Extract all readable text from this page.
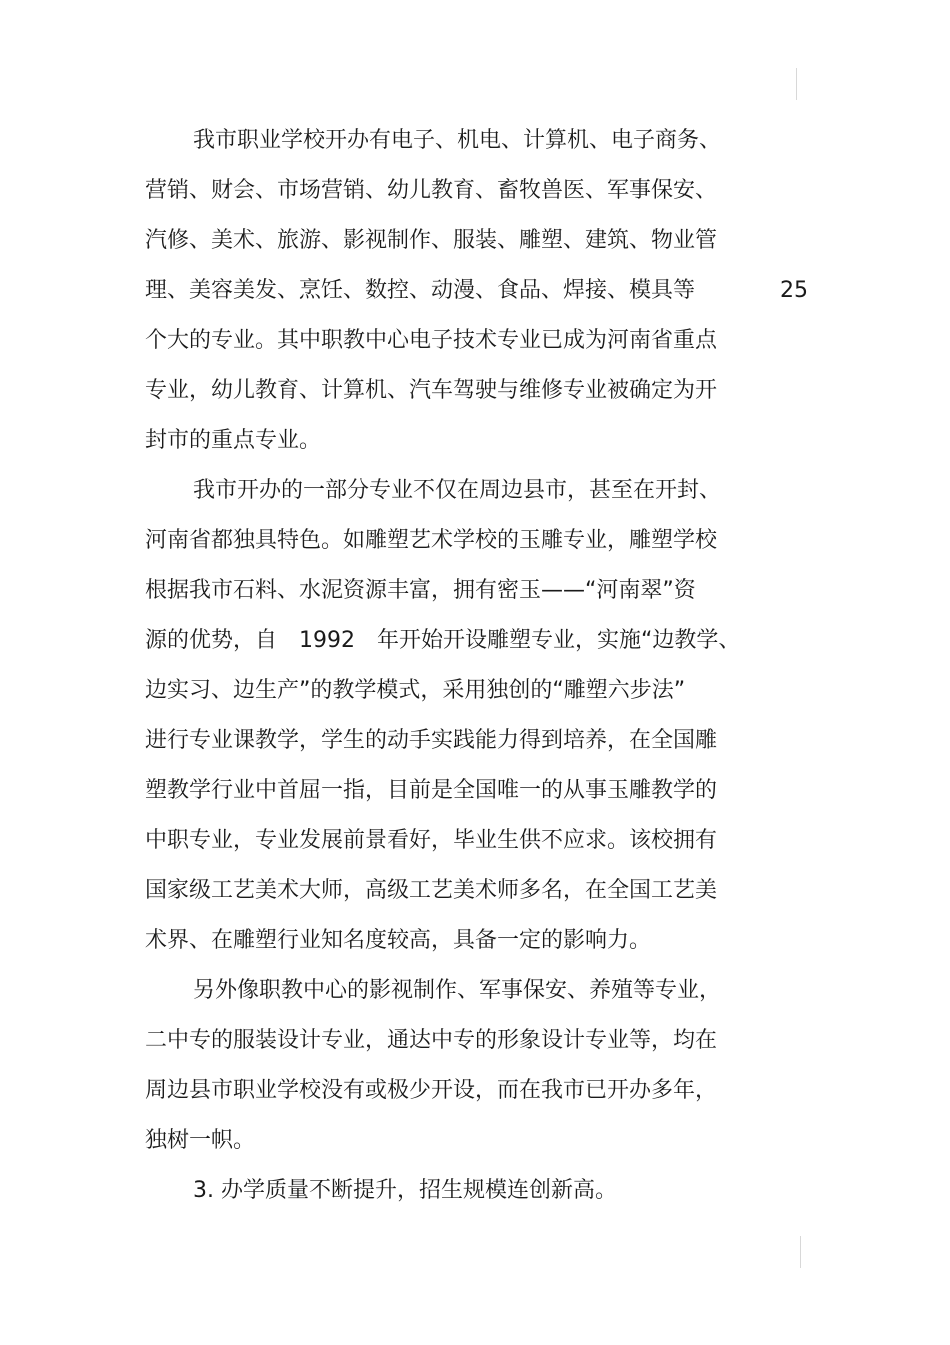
我市职业学校开办有电子、机电、计算机、电子商务、
营销、财会、市场营销、幼儿教育、畜牧兽医、军事保安、
汽修、美术、旅游、影视制作、服装、雕塑、建筑、物业管
理、美容美发、烹饪、数控、动漫、食品、焊接、模具等	25
个大的专业。其中职教中心电子技术专业已成为河南省重点
专业，幼儿教育、计算机、汽车驾驶与维修专业被确定为开
封市的重点专业。
我市开办的一部分专业不仅在周边县市，甚至在开封、
河南省都独具特色。如雕塑艺术学校的玉雕专业，雕塑学校
根据我市石料、水泥资源丰富，拥有密玉——“河南翠”资
源的优势，自　1992　年开始开设雕塑专业，实施“边教学、
边实习、边生产”的教学模式，采用独创的“雕塑六步法”
进行专业课教学，学生的动手实践能力得到培养，在全国雕
塑教学行业中首屈一指，目前是全国唯一的从事玉雕教学的
中职专业，专业发展前景看好，毕业生供不应求。该校拥有
国家级工艺美术大师，高级工艺美术师多名，在全国工艺美
术界、在雕塑行业知名度较高，具备一定的影响力。
另外像职教中心的影视制作、军事保安、养殖等专业，
二中专的服装设计专业，通达中专的形象设计专业等，均在
周边县市职业学校没有或极少开设，而在我市已开办多年，
独树一帜。
3. 办学质量不断提升，招生规模连创新高。
